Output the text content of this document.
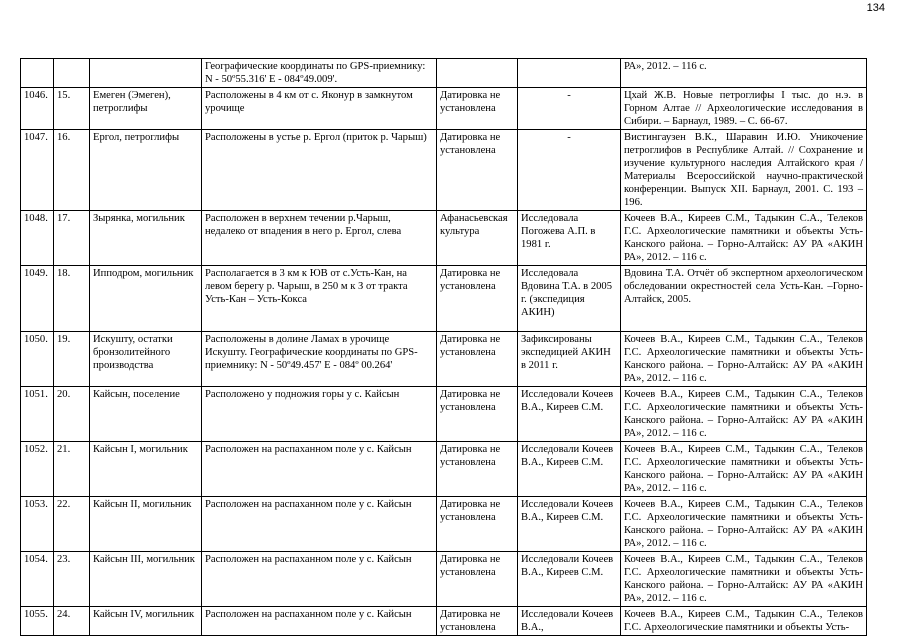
134
			Географические координаты по GPS-приемнику: N - 50º55.316' E - 084º49.009'.			РА», 2012. – 116 с.
1046.	15.	Емеген (Эмеген), петроглифы	Расположены в 4 км от с. Яконур в замкнутом урочище	Датировка не установлена	-	Цхай Ж.В. Новые петроглифы I тыс. до н.э. в Горном Алтае // Археологические исследования в Сибири. – Барнаул, 1989. – С. 66-67.
1047.	16.	Ергол, петроглифы	Расположены в устье р. Ергол (приток р. Чарыш)	Датировка не установлена	-	Вистингаузен В.К., Шаравин И.Ю. Уникочение петроглифов в Республике Алтай. // Сохранение и изучение культурного наследия Алтайского края / Материалы Всероссийской научно-практической конференции. Выпуск XII. Барнаул, 2001. С. 193 – 196.
1048.	17.	Зырянка, могильник	Расположен в верхнем течении р.Чарыш, недалеко от впадения в него р. Ергол, слева	Афанасьевская культура	Исследовала Погожева А.П. в 1981 г.	Кочеев В.А., Киреев С.М., Тадыкин С.А., Телеков Г.С. Археологические памятники и объекты Усть-Канского района. – Горно-Алтайск: АУ РА «АКИН РА», 2012. – 116 с.
1049.	18.	Ипподром, могильник	Располагается в 3 км к ЮВ от с.Усть-Кан, на левом берегу р. Чарыш, в 250 м к З от тракта Усть-Кан – Усть-Кокса	Датировка не установлена	Исследовала Вдовина Т.А. в 2005 г. (экспедиция АКИН)	Вдовина Т.А. Отчёт об экспертном археологическом обследовании окрестностей села Усть-Кан. –Горно-Алтайск, 2005.
1050.	19.	Искушту, остатки бронзолитейного производства	Расположены в долине Ламах в урочище Искушту. Географические координаты по GPS-приемнику: N - 50º49.457' E - 084º 00.264'	Датировка не установлена	Зафиксированы экспедицией АКИН в 2011 г.	Кочеев В.А., Киреев С.М., Тадыкин С.А., Телеков Г.С. Археологические памятники и объекты Усть-Канского района. – Горно-Алтайск: АУ РА «АКИН РА», 2012. – 116 с.
1051.	20.	Кайсын, поселение	Расположено у подножия горы у с. Кайсын	Датировка не установлена	Исследовали Кочеев В.А., Киреев С.М.	Кочеев В.А., Киреев С.М., Тадыкин С.А., Телеков Г.С. Археологические памятники и объекты Усть-Канского района. – Горно-Алтайск: АУ РА «АКИН РА», 2012. – 116 с.
1052.	21.	Кайсын I, могильник	Расположен на распаханном поле у с. Кайсын	Датировка не установлена	Исследовали Кочеев В.А., Киреев С.М.	Кочеев В.А., Киреев С.М., Тадыкин С.А., Телеков Г.С. Археологические памятники и объекты Усть-Канского района. – Горно-Алтайск: АУ РА «АКИН РА», 2012. – 116 с.
1053.	22.	Кайсын II, могильник	Расположен на распаханном поле у с. Кайсын	Датировка не установлена	Исследовали Кочеев В.А., Киреев С.М.	Кочеев В.А., Киреев С.М., Тадыкин С.А., Телеков Г.С. Археологические памятники и объекты Усть-Канского района. – Горно-Алтайск: АУ РА «АКИН РА», 2012. – 116 с.
1054.	23.	Кайсын III, могильник	Расположен на распаханном поле у с. Кайсын	Датировка не установлена	Исследовали Кочеев В.А., Киреев С.М.	Кочеев В.А., Киреев С.М., Тадыкин С.А., Телеков Г.С. Археологические памятники и объекты Усть-Канского района. – Горно-Алтайск: АУ РА «АКИН РА», 2012. – 116 с.
1055.	24.	Кайсын IV, могильник	Расположен на распаханном поле у с. Кайсын	Датировка не установлена	Исследовали Кочеев В.А.,	Кочеев В.А., Киреев С.М., Тадыкин С.А., Телеков Г.С. Археологические памятники и объекты Усть-
